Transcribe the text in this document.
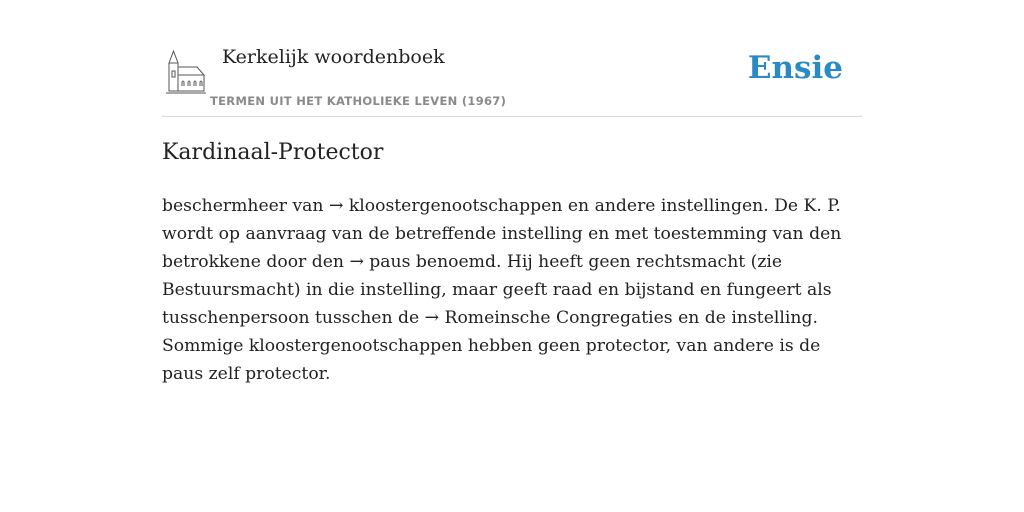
Kerkelijk woordenboek
TERMEN UIT HET KATHOLIEKE LEVEN (1967)
Ensie
Kardinaal-Protector
beschermheer van → kloostergenootschappen en andere instellingen. De K. P. wordt op aanvraag van de betreffende instelling en met toestemming van den betrokkene door den → paus benoemd. Hij heeft geen rechtsmacht (zie Bestuursmacht) in die instelling, maar geeft raad en bijstand en fungeert als tusschenpersoon tusschen de → Romeinsche Congregaties en de instelling. Sommige kloostergenootschappen hebben geen protector, van andere is de paus zelf protector.
